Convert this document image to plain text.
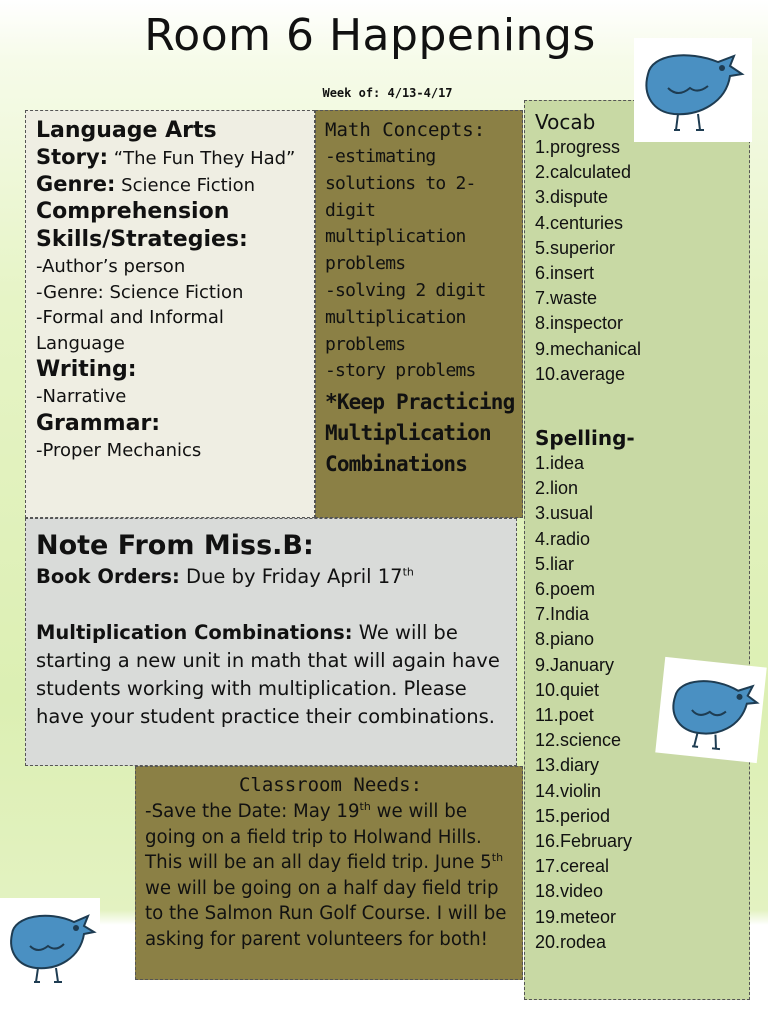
Room 6 Happenings
Week of: 4/13-4/17
Language Arts
Story: “The Fun They Had”
Genre: Science Fiction
Comprehension Skills/Strategies:
-Author’s person
-Genre: Science Fiction
-Formal and Informal Language
Writing:
-Narrative
Grammar:
-Proper Mechanics
Math Concepts:
-estimating solutions to 2-digit multiplication problems
-solving 2 digit multiplication problems
-story problems
*Keep Practicing Multiplication Combinations
Vocab
1.progress
2.calculated
3.dispute
4.centuries
5.superior
6.insert
7.waste
8.inspector
9.mechanical
10.average
Spelling-
1.idea
2.lion
3.usual
4.radio
5.liar
6.poem
7.India
8.piano
9.January
10.quiet
11.poet
12.science
13.diary
14.violin
15.period
16.February
17.cereal
18.video
19.meteor
20.rodea
Note From Miss.B:
Book Orders: Due by Friday April 17th
Multiplication Combinations: We will be starting a new unit in math that will again have students working with multiplication. Please have your student practice their combinations.
Classroom Needs:
-Save the Date: May 19th we will be going on a field trip to Holwand Hills. This will be an all day field trip. June 5th we will be going on a half day field trip to the Salmon Run Golf Course. I will be asking for parent volunteers for both!
